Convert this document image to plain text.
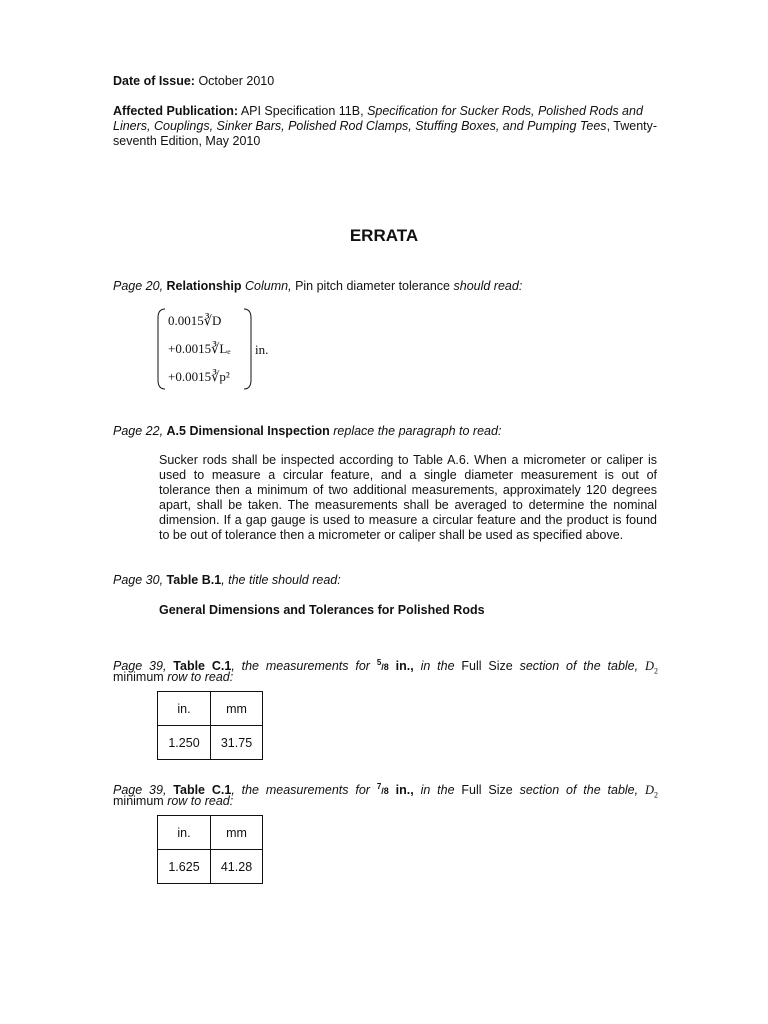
Date of Issue: October 2010

Affected Publication: API Specification 11B, Specification for Sucker Rods, Polished Rods and

Liners, Couplings, Sinker Bars, Polished Rod Clamps, Stuffing Boxes, and Pumping Tees, Twenty-

seventh Edition, May 2010

ERRATA

Page 20, Relationship Column, Pin pitch diameter tolerance should read:

0.0015∛D
+0.0015∛Lₑ
+0.0015∛p²
in.

Page 22, A.5 Dimensional Inspection replace the paragraph to read:

Sucker rods shall be inspected according to Table A.6. When a micrometer or caliper is used to measure a circular feature, and a single diameter measurement is out of tolerance then a minimum of two additional measurements, approximately 120 degrees apart, shall be taken. The measurements shall be averaged to determine the nominal dimension. If a gap gauge is used to measure a circular feature and the product is found to be out of tolerance then a micrometer or caliper shall be used as specified above.

Page 30, Table B.1, the title should read:

General Dimensions and Tolerances for Polished Rods

Page 39, Table C.1, the measurements for $^5$/8 in., in the Full Size section of the table, $D_2$

minimum row to read:

in.	mm
1.250	31.75

Page 39, Table C.1, the measurements for $^7$/8 in., in the Full Size section of the table, $D_2$

minimum row to read:

in.	mm
1.625	41.28
